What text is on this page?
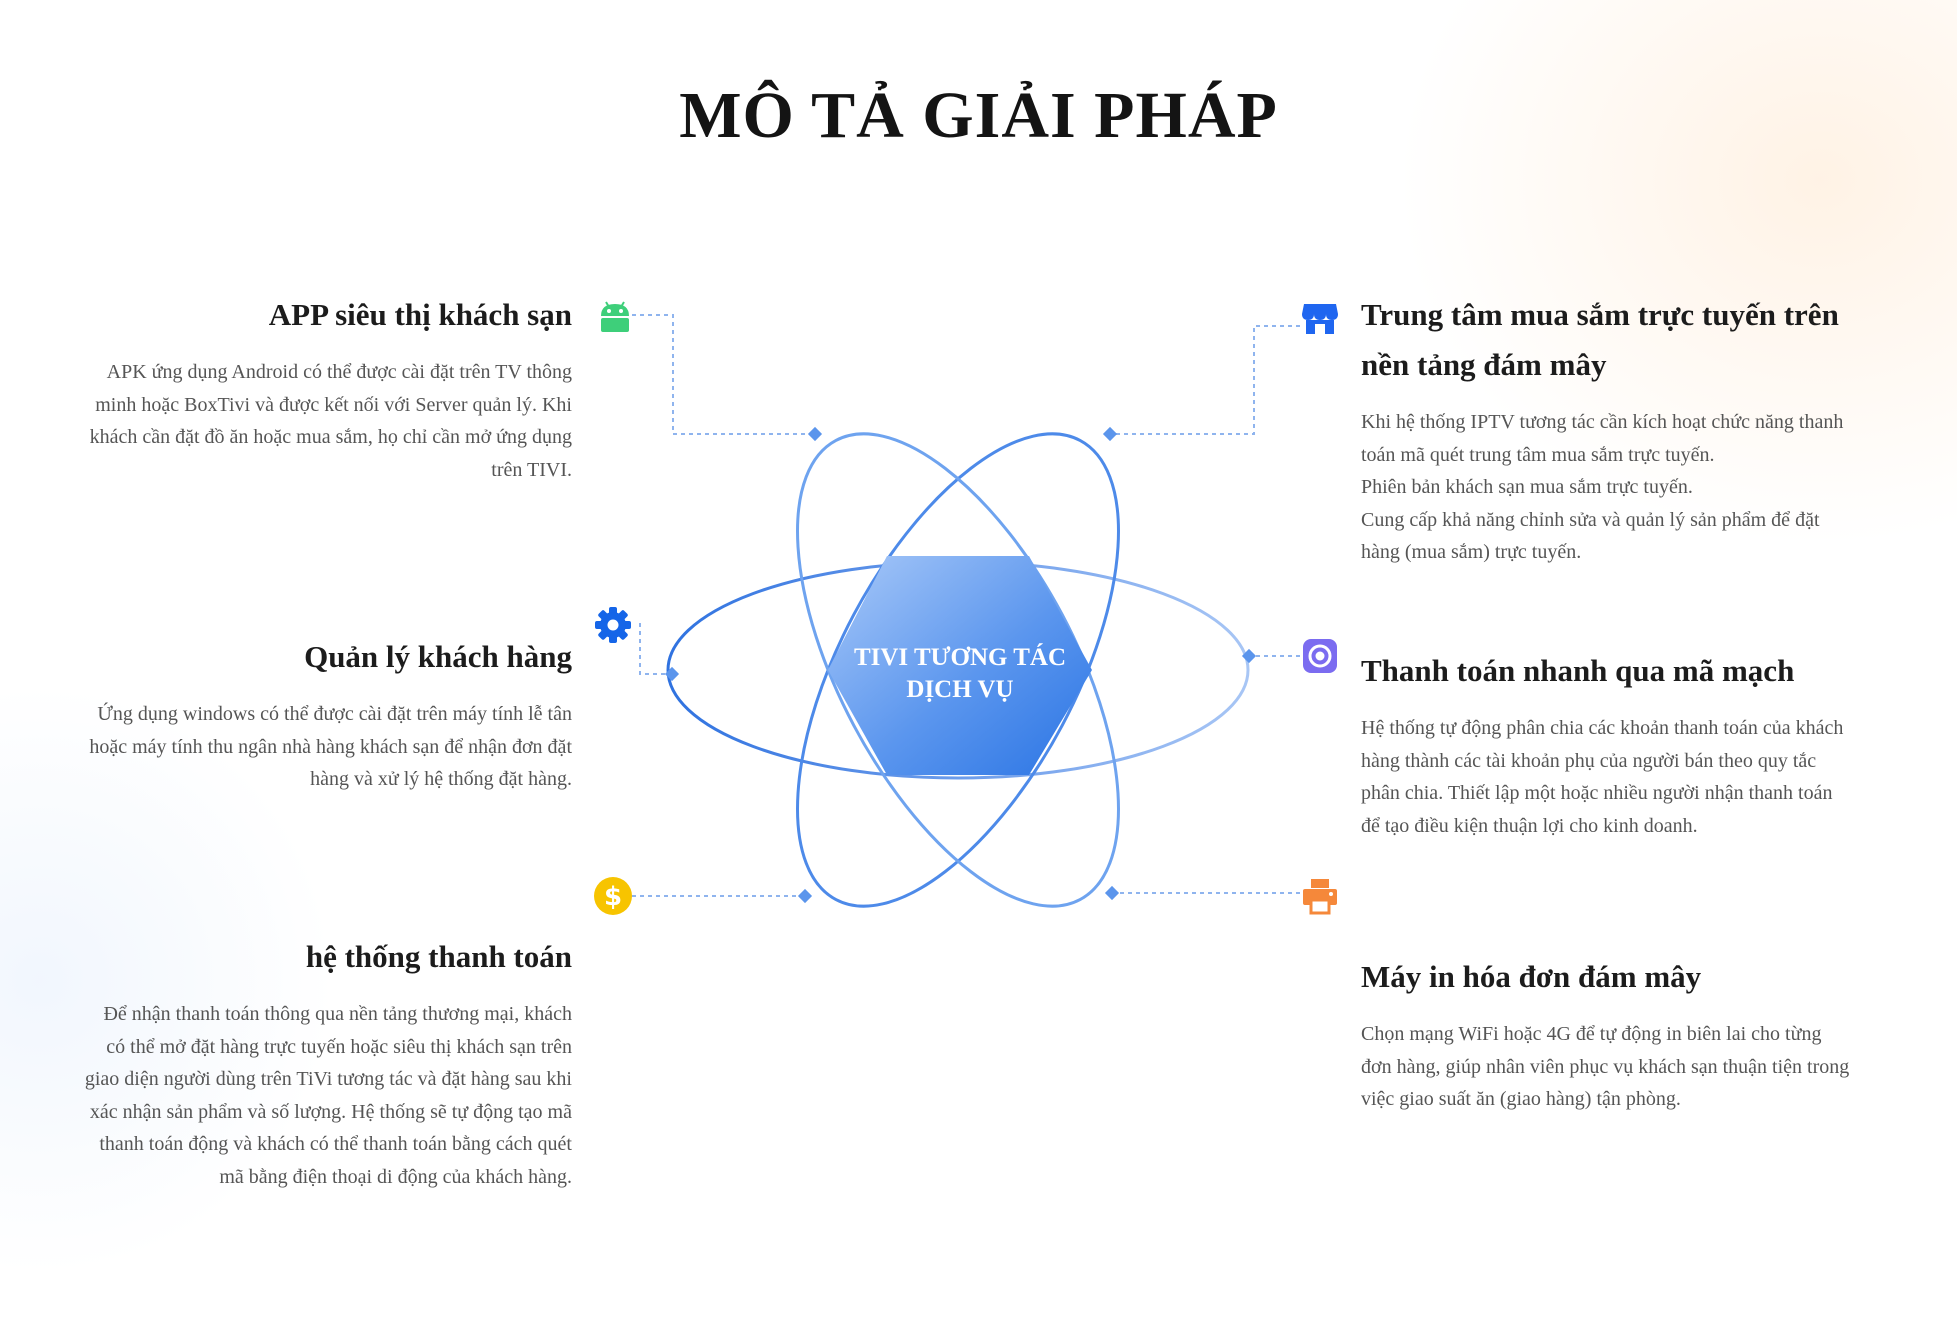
MÔ TẢ GIẢI PHÁP
TIVI TƯƠNG TÁC
DỊCH VỤ
$
APP siêu thị khách sạn

APK ứng dụng Android có thể được cài đặt trên TV thông
minh hoặc BoxTivi và được kết nối với Server quản lý. Khi
khách cần đặt đồ ăn hoặc mua sắm, họ chỉ cần mở ứng dụng
trên TIVI.

Quản lý khách hàng

Ứng dụng windows có thể được cài đặt trên máy tính lễ tân
hoặc máy tính thu ngân nhà hàng khách sạn để nhận đơn đặt
hàng và xử lý hệ thống đặt hàng.

hệ thống thanh toán

Để nhận thanh toán thông qua nền tảng thương mại, khách
có thể mở đặt hàng trực tuyến hoặc siêu thị khách sạn trên
giao diện người dùng trên TiVi tương tác và đặt hàng sau khi
xác nhận sản phẩm và số lượng. Hệ thống sẽ tự động tạo mã
thanh toán động và khách có thể thanh toán bằng cách quét
mã bằng điện thoại di động của khách hàng.

Trung tâm mua sắm trực tuyến trên
nền tảng đám mây

Khi hệ thống IPTV tương tác cần kích hoạt chức năng thanh
toán mã quét trung tâm mua sắm trực tuyến.
Phiên bản khách sạn mua sắm trực tuyến.
Cung cấp khả năng chỉnh sửa và quản lý sản phẩm để đặt
hàng (mua sắm) trực tuyến.

Thanh toán nhanh qua mã mạch

Hệ thống tự động phân chia các khoản thanh toán của khách
hàng thành các tài khoản phụ của người bán theo quy tắc
phân chia. Thiết lập một hoặc nhiều người nhận thanh toán
để tạo điều kiện thuận lợi cho kinh doanh.

Máy in hóa đơn đám mây

Chọn mạng WiFi hoặc 4G để tự động in biên lai cho từng
đơn hàng, giúp nhân viên phục vụ khách sạn thuận tiện trong
việc giao suất ăn (giao hàng) tận phòng.
